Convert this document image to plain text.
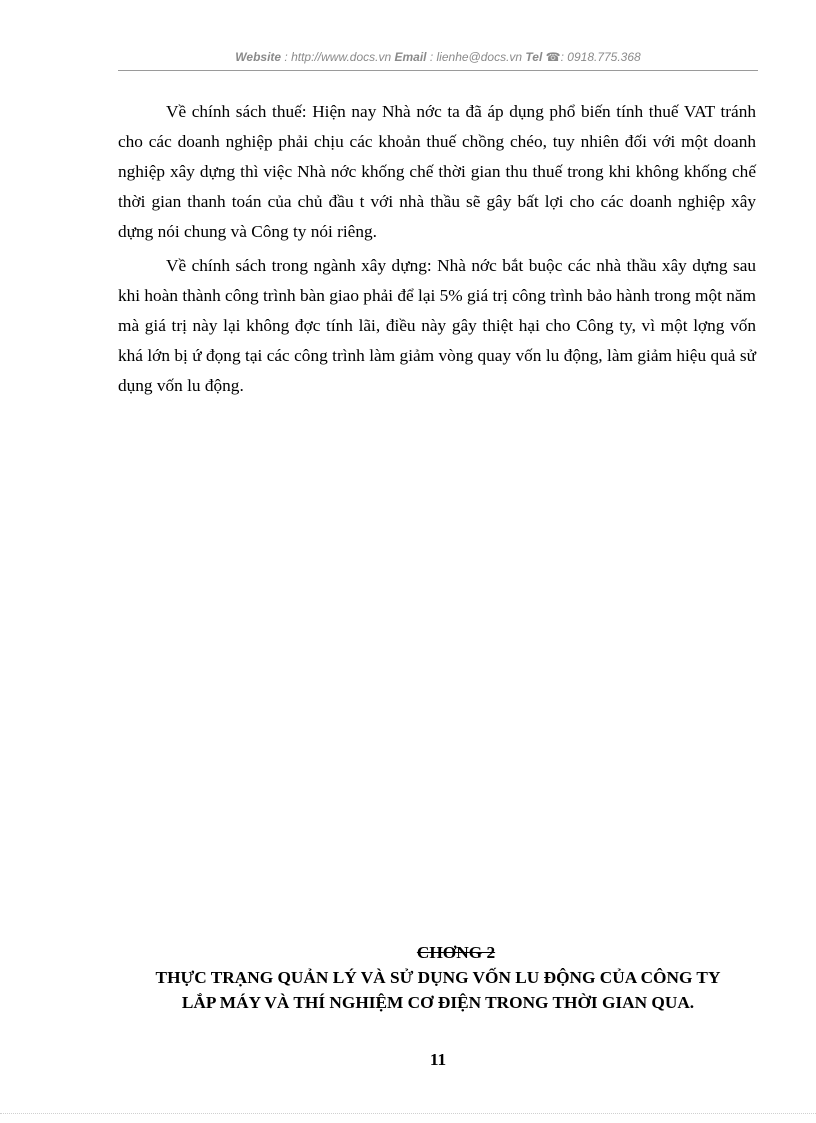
Website : http://www.docs.vn Email : lienhe@docs.vn Tel ☎: 0918.775.368

Về chính sách thuế: Hiện nay Nhà nớc ta đã áp dụng phổ biến tính thuế VAT tránh cho các doanh nghiệp phải chịu các khoản thuế chồng chéo, tuy nhiên đối với một doanh nghiệp xây dựng thì việc Nhà nớc khống chế thời gian thu thuế trong khi không khống chế thời gian thanh toán của chủ đầu t với nhà thầu sẽ gây bất lợi cho các doanh nghiệp xây dựng nói chung và Công ty nói riêng.

Về chính sách trong ngành xây dựng: Nhà nớc bắt buộc các nhà thầu xây dựng sau khi hoàn thành công trình bàn giao phải để lại 5% giá trị công trình bảo hành trong một năm mà giá trị này lại không đợc tính lãi, điều này gây thiệt hại cho Công ty, vì một lợng vốn khá lớn bị ứ đọng tại các công trình làm giảm vòng quay vốn lu động, làm giảm hiệu quả sử dụng vốn lu động.

CHƠNG 2
THỰC TRẠNG QUẢN LÝ VÀ SỬ DỤNG VỐN LU ĐỘNG CỦA CÔNG TY
LẮP MÁY VÀ THÍ NGHIỆM CƠ ĐIỆN TRONG THỜI GIAN QUA.
11
